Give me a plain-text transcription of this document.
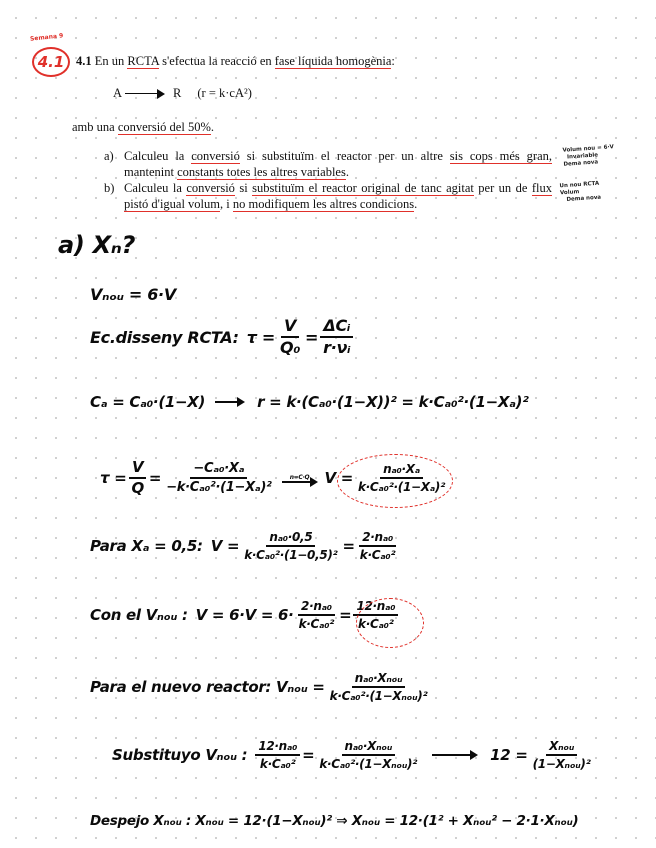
Semana 9
4.1 4.1 En un RCTA s'efectua la reacció en fase líquida homogènia:
A → R (r = k·cA²)
amb una conversió del 50%.
a) Calculeu la conversió si substituïm el reactor per un altre sis cops més gran, mantenint constants totes les altres variables.
b) Calculeu la conversió si substituïm el reactor original de tanc agitat per un de flux pistó d'igual volum, i no modifiquem les altres condicions.
Volum nou = 6·V
Invariable
Dema nova
Un nou RCTA
Volum
Dema nova
a) Xₙ?
Vₙₒᵤ = 6·V
Ec.disseny RCTA: $\tau = \frac{V}{\text{Q₀}} = \frac{\text{ΔCᵢ}}{\text{r·νᵢ}}$
Cₐ = Cₐ₀·(1−X)	r = k·(Cₐ₀·(1−X))² = k·Cₐ₀²·(1−Xₐ)²
$\tau = \frac{V}{Q} = \frac{\text{−Cₐ₀·Xₐ}}{\text{−k·Cₐ₀²·(1−Xₐ)²}}$	n=C·Q $V = \frac{\text{nₐ₀·Xₐ}}{\text{k·Cₐ₀²·(1−Xₐ)²}}$
Para Xₐ = 0,5: $V = \frac{\text{nₐ₀·0,5}}{\text{k·Cₐ₀²·(1−0,5)²}} = \frac{\text{2·nₐ₀}}{\text{k·Cₐ₀²}}$
Con el Vₙₒᵤ : $V = 6\cdot V = 6\cdot \frac{\text{2·nₐ₀}}{\text{k·Cₐ₀²}} = \frac{\text{12·nₐ₀}}{\text{k·Cₐ₀²}}$
Para el nuevo reactor: Vₙₒᵤ = $\frac{\text{nₐ₀·Xₙₒᵤ}}{\text{k·Cₐ₀²·(1−Xₙₒᵤ)²}}$
Substituyo Vₙₒᵤ : $\frac{\text{12·nₐ₀}}{\text{k·Cₐ₀²}} = \frac{\text{nₐ₀·Xₙₒᵤ}}{\text{k·Cₐ₀²·(1−Xₙₒᵤ)²}}$	$12 = \frac{\text{Xₙₒᵤ}}{\text{(1−Xₙₒᵤ)²}}$
Despejo Xₙₒᵤ : Xₙₒᵤ = 12·(1−Xₙₒᵤ)² ⇒ Xₙₒᵤ = 12·(1² + Xₙₒᵤ² − 2·1·Xₙₒᵤ)
